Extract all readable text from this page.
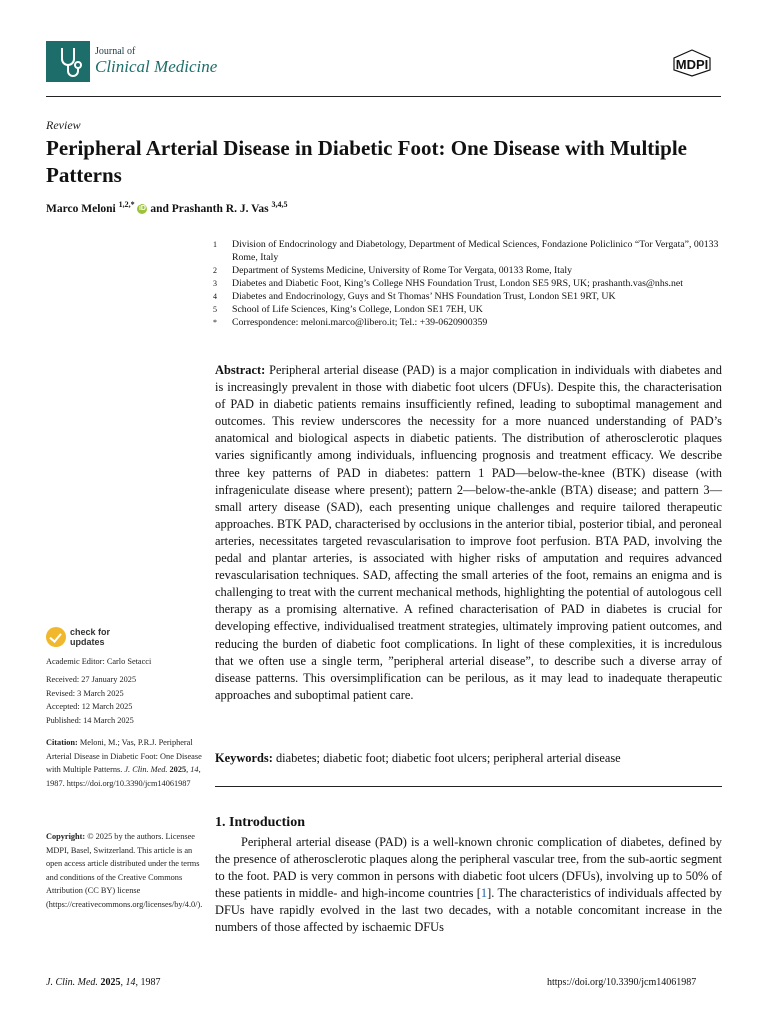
Journal of
Clinical Medicine	MDPI
Review
Peripheral Arterial Disease in Diabetic Foot: One Disease with Multiple Patterns
Marco Meloni $^{1,2,*}$ iD and Prashanth R. J. Vas $^{3,4,5}$
1	Division of Endocrinology and Diabetology, Department of Medical Sciences, Fondazione Policlinico “Tor Vergata”, 00133 Rome, Italy
2	Department of Systems Medicine, University of Rome Tor Vergata, 00133 Rome, Italy
3	Diabetes and Diabetic Foot, King’s College NHS Foundation Trust, London SE5 9RS, UK; prashanth.vas@nhs.net
4	Diabetes and Endocrinology, Guys and St Thomas’ NHS Foundation Trust, London SE1 9RT, UK
5	School of Life Sciences, King’s College, London SE1 7EH, UK
*	Correspondence: meloni.marco@libero.it; Tel.: +39-0620900359
Abstract: Peripheral arterial disease (PAD) is a major complication in individuals with diabetes and is increasingly prevalent in those with diabetic foot ulcers (DFUs). Despite this, the characterisation of PAD in diabetic patients remains insufficiently refined, leading to suboptimal management and outcomes. This review underscores the necessity for a more nuanced understanding of PAD’s anatomical and biological aspects in diabetic patients. The distribution of atherosclerotic plaques varies significantly among individuals, influencing prognosis and treatment efficacy. We describe three key patterns of PAD in diabetes: pattern 1 PAD—below-the-knee (BTK) disease (with infrageniculate disease where present); pattern 2—below-the-ankle (BTA) disease; and pattern 3—small artery disease (SAD), each presenting unique challenges and require tailored therapeutic approaches. BTK PAD, characterised by occlusions in the anterior tibial, posterior tibial, and peroneal arteries, necessitates targeted revascularisation to improve foot perfusion. BTA PAD, involving the pedal and plantar arteries, is associated with higher risks of amputation and requires advanced revascularisation techniques. SAD, affecting the small arteries of the foot, remains an enigma and is challenging to treat with the current mechanical methods, highlighting the potential of autologous cell therapy as a promising alternative. A refined characterisation of PAD in diabetes is crucial for developing effective, individualised treatment strategies, ultimately improving patient outcomes, and reducing the burden of diabetic foot complications. In light of these complexities, it is incredulous that we often use a single term, ”peripheral arterial disease”, to describe such a diverse array of disease patterns. This oversimplification can be perilous, as it may lead to inadequate therapeutic approaches and suboptimal patient care.
Keywords: diabetes; diabetic foot; diabetic foot ulcers; peripheral arterial disease
1. Introduction
Peripheral arterial disease (PAD) is a well-known chronic complication of diabetes, defined by the presence of atherosclerotic plaques along the peripheral vascular tree, from the sub-aortic segment to the foot. PAD is very common in persons with diabetic foot ulcers (DFUs), involving up to 50% of these patients in middle- and high-income countries [1]. The characteristics of individuals affected by DFUs have rapidly evolved in the last two decades, with a notable concomitant increase in the numbers of those affected by ischaemic DFUs
check for
updates
Academic Editor: Carlo Setacci
Received: 27 January 2025
Revised: 3 March 2025
Accepted: 12 March 2025
Published: 14 March 2025
Citation: Meloni, M.; Vas, P.R.J. Peripheral Arterial Disease in Diabetic Foot: One Disease with Multiple Patterns. J. Clin. Med. 2025, 14, 1987. https://doi.org/10.3390/jcm14061987
Copyright: © 2025 by the authors. Licensee MDPI, Basel, Switzerland. This article is an open access article distributed under the terms and conditions of the Creative Commons Attribution (CC BY) license (https://creativecommons.org/licenses/by/4.0/).
J. Clin. Med. 2025, 14, 1987	https://doi.org/10.3390/jcm14061987
